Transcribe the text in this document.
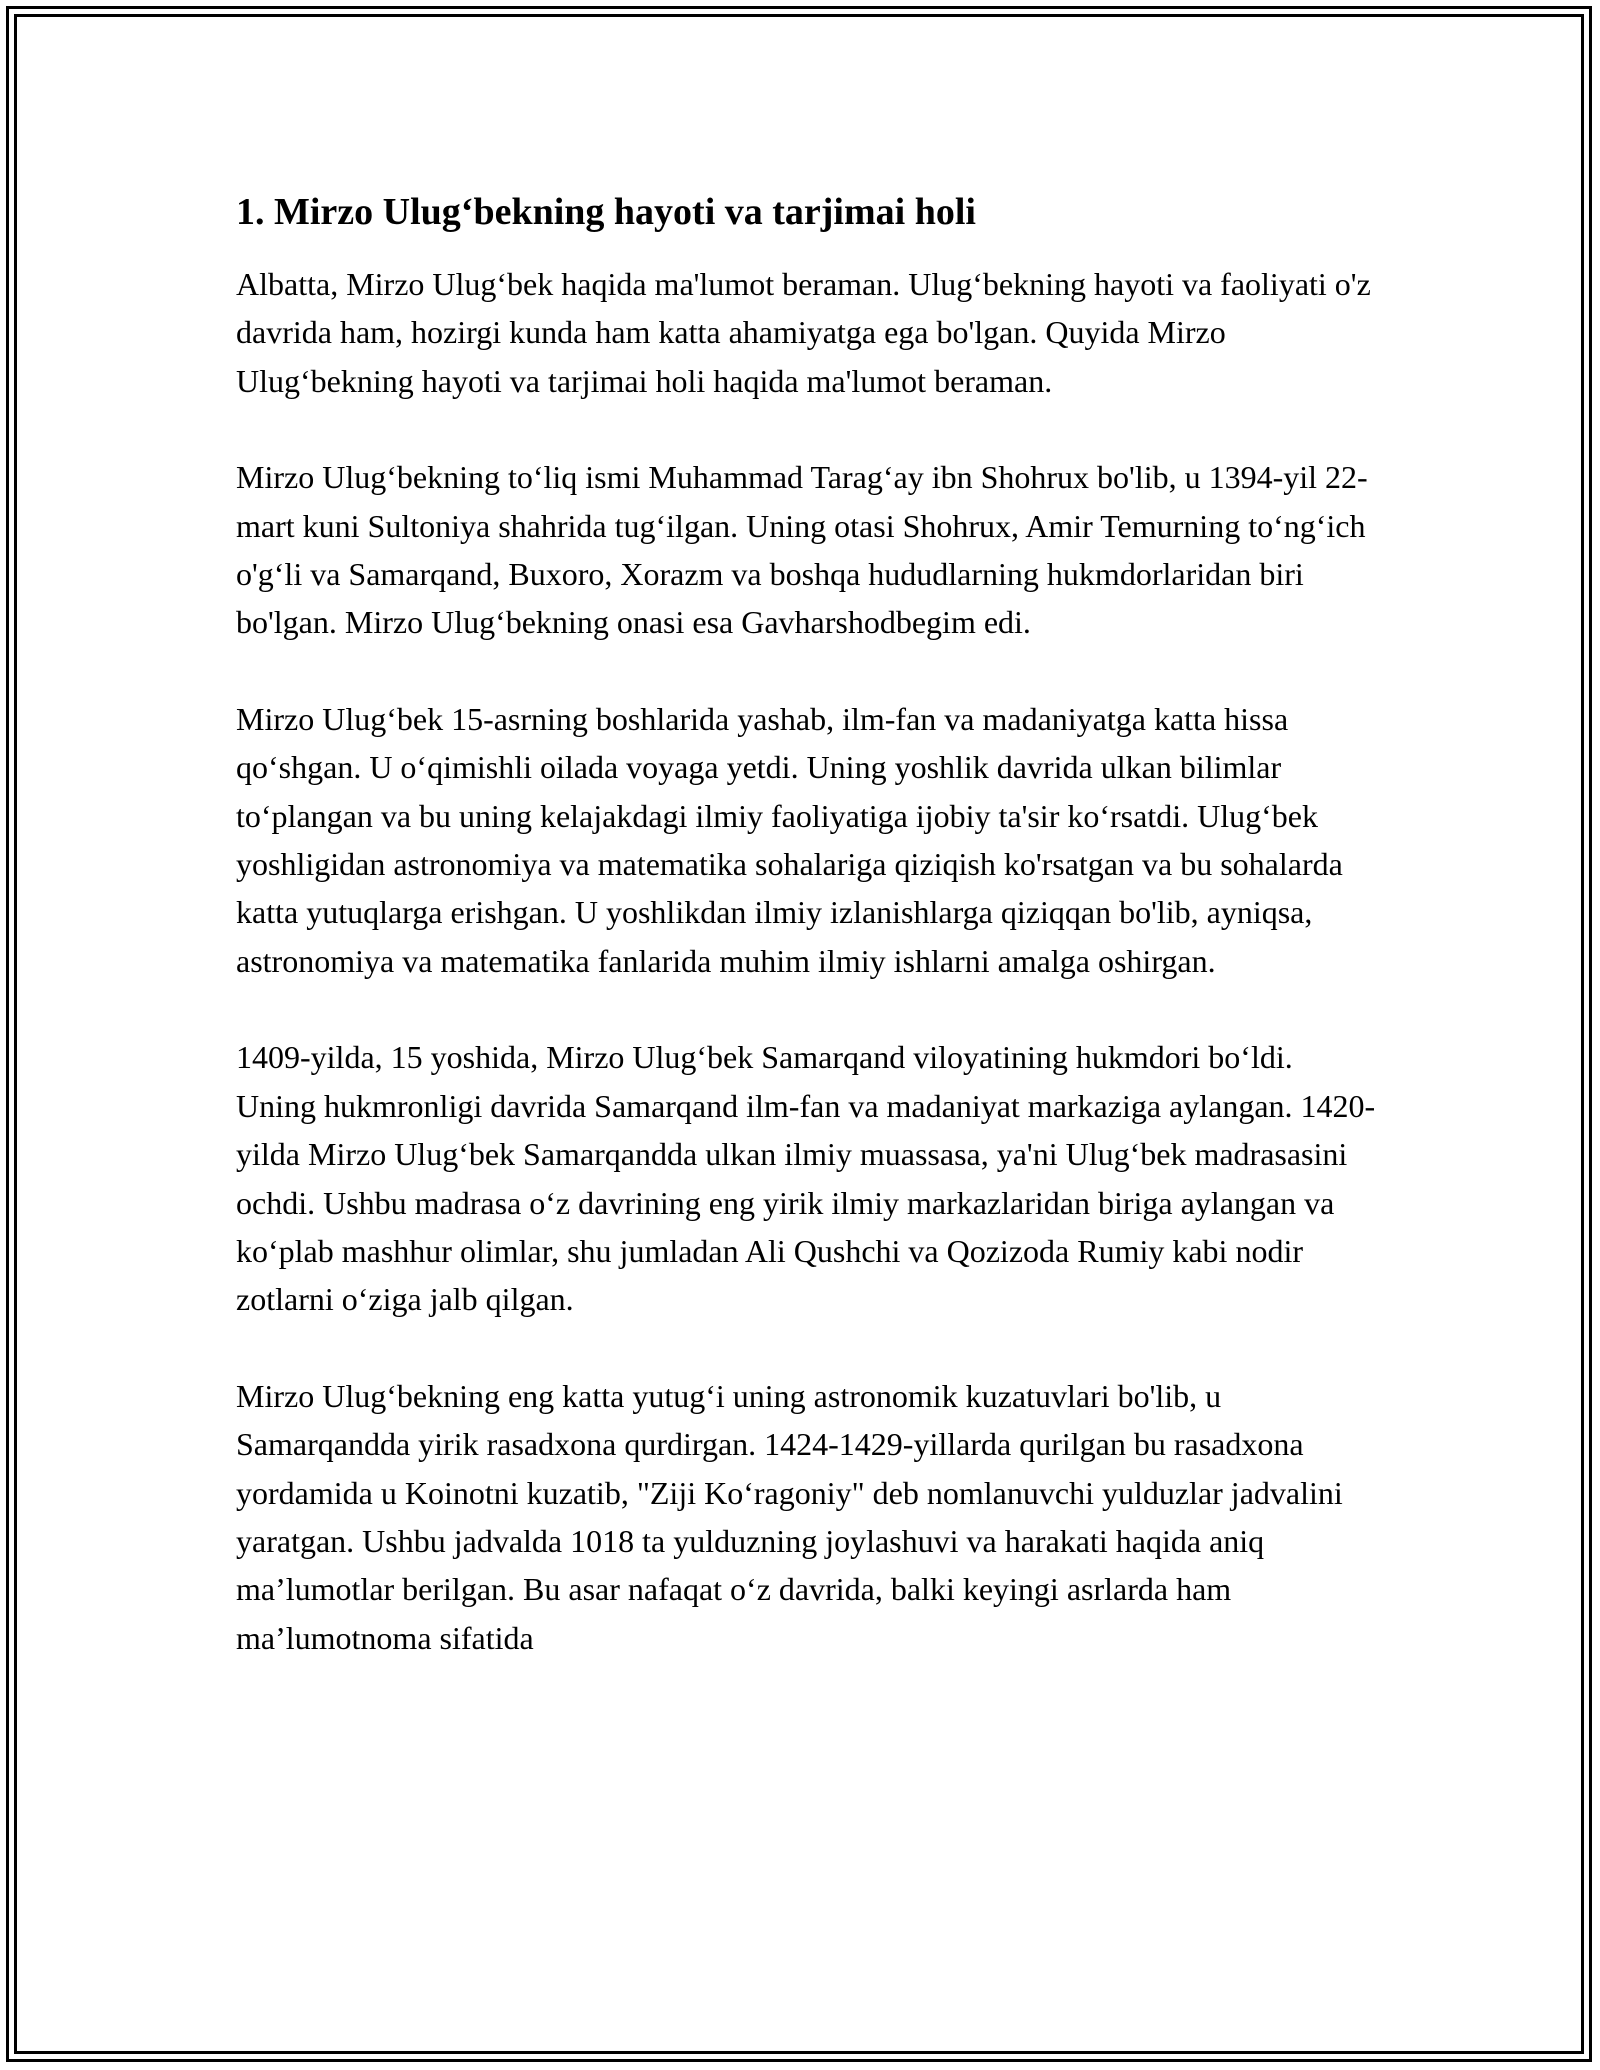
1. Mirzo Ulug‘bekning hayoti va tarjimai holi

Albatta, Mirzo Ulug‘bek haqida ma'lumot beraman. Ulug‘bekning hayoti va faoliyati o'z davrida ham, hozirgi kunda ham katta ahamiyatga ega bo'lgan. Quyida Mirzo Ulug‘bekning hayoti va tarjimai holi haqida ma'lumot beraman.

Mirzo Ulug‘bekning to‘liq ismi Muhammad Tarag‘ay ibn Shohrux bo'lib, u 1394-yil 22-mart kuni Sultoniya shahrida tug‘ilgan. Uning otasi Shohrux, Amir Temurning to‘ng‘ich o'g‘li va Samarqand, Buxoro, Xorazm va boshqa hududlarning hukmdorlaridan biri bo'lgan. Mirzo Ulug‘bekning onasi esa Gavharshodbegim edi.

Mirzo Ulug‘bek 15-asrning boshlarida yashab, ilm-fan va madaniyatga katta hissa qo‘shgan. U o‘qimishli oilada voyaga yetdi. Uning yoshlik davrida ulkan bilimlar to‘plangan va bu uning kelajakdagi ilmiy faoliyatiga ijobiy ta'sir ko‘rsatdi. Ulug‘bek yoshligidan astronomiya va matematika sohalariga qiziqish ko'rsatgan va bu sohalarda katta yutuqlarga erishgan. U yoshlikdan ilmiy izlanishlarga qiziqqan bo'lib, ayniqsa, astronomiya va matematika fanlarida muhim ilmiy ishlarni amalga oshirgan.

1409-yilda, 15 yoshida, Mirzo Ulug‘bek Samarqand viloyatining hukmdori bo‘ldi. Uning hukmronligi davrida Samarqand ilm-fan va madaniyat markaziga aylangan. 1420-yilda Mirzo Ulug‘bek Samarqandda ulkan ilmiy muassasa, ya'ni Ulug‘bek madrasasini ochdi. Ushbu madrasa o‘z davrining eng yirik ilmiy markazlaridan biriga aylangan va ko‘plab mashhur olimlar, shu jumladan Ali Qushchi va Qozizoda Rumiy kabi nodir zotlarni o‘ziga jalb qilgan.

Mirzo Ulug‘bekning eng katta yutug‘i uning astronomik kuzatuvlari bo'lib, u Samarqandda yirik rasadxona qurdirgan. 1424-1429-yillarda qurilgan bu rasadxona yordamida u Koinotni kuzatib, "Ziji Ko‘ragoniy" deb nomlanuvchi yulduzlar jadvalini yaratgan. Ushbu jadvalda 1018 ta yulduzning joylashuvi va harakati haqida aniq ma’lumotlar berilgan. Bu asar nafaqat o‘z davrida, balki keyingi asrlarda ham ma’lumotnoma sifatida
